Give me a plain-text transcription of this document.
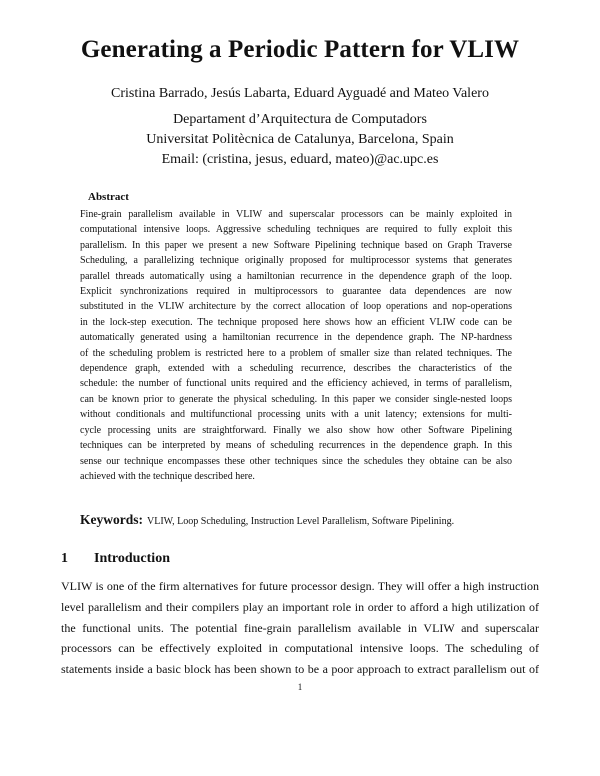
Generating a Periodic Pattern for VLIW
Cristina Barrado, Jesús Labarta, Eduard Ayguadé and Mateo Valero
Departament d’Arquitectura de Computadors
Universitat Politècnica de Catalunya, Barcelona, Spain
Email: (cristina, jesus, eduard, mateo)@ac.upc.es
Abstract
Fine-grain parallelism available in VLIW and superscalar processors can be mainly exploited in
computational intensive loops. Aggressive scheduling techniques are required to fully exploit this
parallelism. In this paper we present a new Software Pipelining technique based on Graph Traverse
Scheduling, a parallelizing technique originally proposed for multiprocessor systems that generates
parallel threads automatically using a hamiltonian recurrence in the dependence graph of the loop.
Explicit synchronizations required in multiprocessors to guarantee data dependences are now
substituted in the VLIW architecture by the correct allocation of loop operations and nop-operations
in the lock-step execution. The technique proposed here shows how an efficient VLIW code can be
automatically generated using a hamiltonian recurrence in the dependence graph. The NP-hardness
of the scheduling problem is restricted here to a problem of smaller size than related techniques. The
dependence graph, extended with a scheduling recurrence, describes the characteristics of the
schedule: the number of functional units required and the efficiency achieved, in terms of parallelism,
can be known prior to generate the physical scheduling. In this paper we consider single-nested loops
without conditionals and multifunctional processing units with a unit latency; extensions for multi-
cycle processing units are straightforward. Finally we also show how other Software Pipelining
techniques can be interpreted by means of scheduling recurrences in the dependence graph. In this
sense our technique encompasses these other techniques since the schedules they obtaine can be also
achieved with the technique described here.
Keywords: VLIW, Loop Scheduling, Instruction Level Parallelism, Software Pipelining.
1 Introduction
VLIW is one of the firm alternatives for future processor design. They will offer a high instruction
level parallelism and their compilers play an important role in order to afford a high utilization of
the functional units. The potential fine-grain parallelism available in VLIW and superscalar
processors can be effectively exploited in computational intensive loops. The scheduling of
statements inside a basic block has been shown to be a poor approach to extract parallelism out of
1
